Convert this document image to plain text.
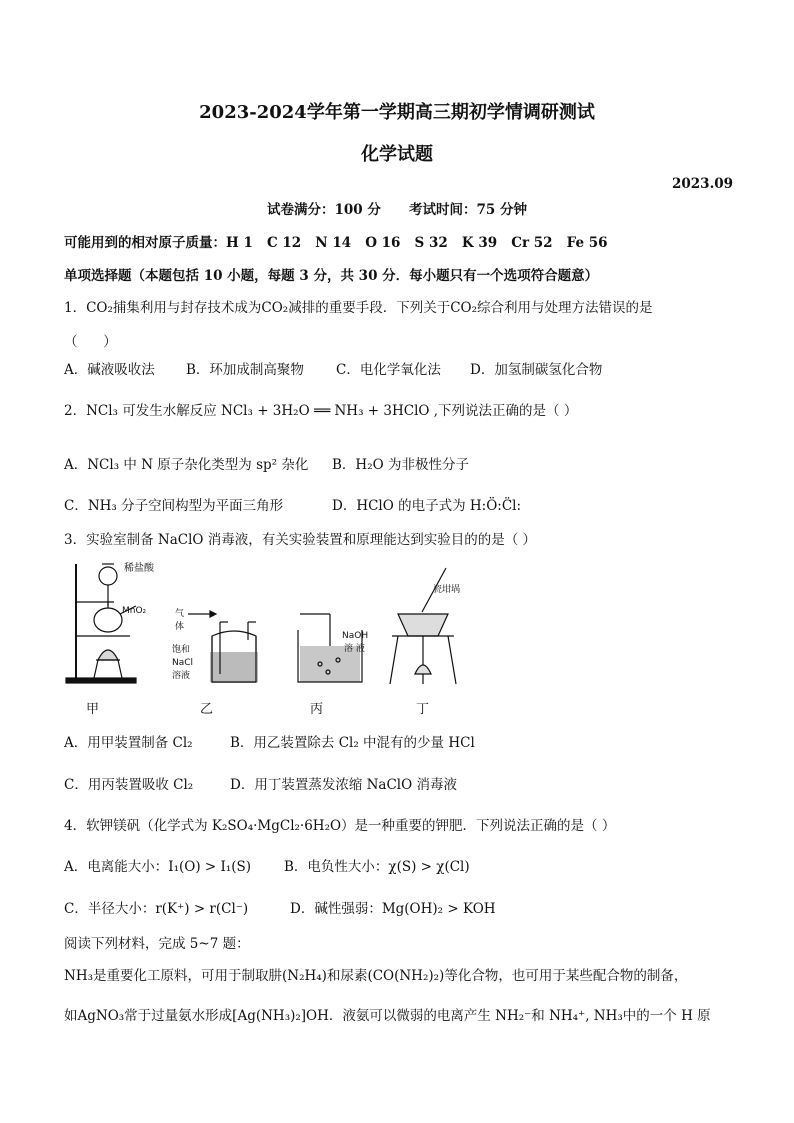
2023-2024学年第一学期高三期初学情调研测试
化学试题
2023.09
试卷满分：100 分      考试时间：75 分钟
可能用到的相对原子质量：H 1   C 12   N 14   O 16   S 32   K 39   Cr 52   Fe 56
单项选择题（本题包括 10 小题，每题 3 分，共 30 分．每小题只有一个选项符合题意）
1．CO₂捕集利用与封存技术成为CO₂减排的重要手段．下列关于CO₂综合利用与处理方法错误的是
（      ）
A．碱液吸收法 B．环加成制高聚物 C．电化学氧化法 D．加氢制碳氢化合物
2．NCl₃ 可发生水解反应 NCl₃ + 3H₂O ══ NH₃ + 3HClO ,下列说法正确的是（ ）
A．NCl₃ 中 N 原子杂化类型为 sp² 杂化 B．H₂O 为非极性分子
C．NH₃ 分子空间构型为平面三角形	D．HClO 的电子式为 H:Ö:C̈l:
3．实验室制备 NaClO 消毒液，有关实验装置和原理能达到实验目的的是（ ）
稀盐酸
MnO₂	气
体
饱和
NaCl
溶液
NaOH
溶 液
瓷坩埚
甲	乙	丙	丁
A．用甲装置制备 Cl₂	B．用乙装置除去 Cl₂ 中混有的少量 HCl
C．用丙装置吸收 Cl₂	D．用丁装置蒸发浓缩 NaClO 消毒液
4．软钾镁矾（化学式为 K₂SO₄·MgCl₂·6H₂O）是一种重要的钾肥．下列说法正确的是（ ）
A．电离能大小：I₁(O) > I₁(S) B．电负性大小：χ(S) > χ(Cl)
C．半径大小：r(K⁺) > r(Cl⁻)	D．碱性强弱：Mg(OH)₂ > KOH
阅读下列材料，完成 5~7 题：
NH₃是重要化工原料，可用于制取肼(N₂H₄)和尿素(CO(NH₂)₂)等化合物，也可用于某些配合物的制备，
如AgNO₃常于过量氨水形成[Ag(NH₃)₂]OH．液氨可以微弱的电离产生 NH₂⁻和 NH₄⁺, NH₃中的一个 H 原
